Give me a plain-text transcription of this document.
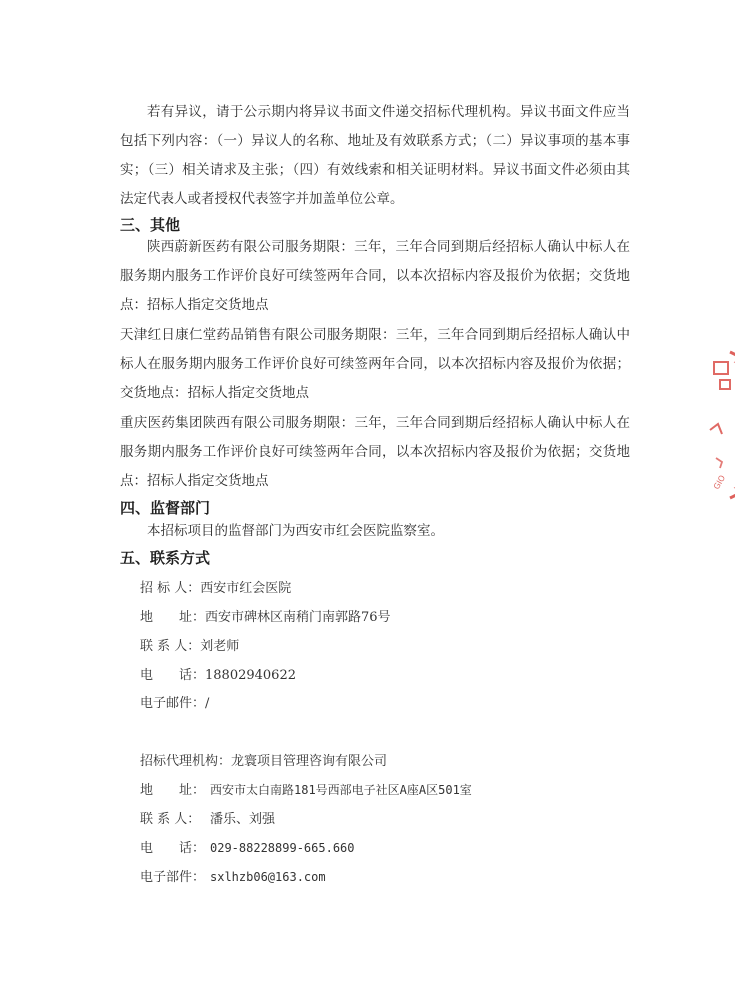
若有异议，请于公示期内将异议书面文件递交招标代理机构。异议书面文件应当包括下列内容：（一）异议人的名称、地址及有效联系方式；（二）异议事项的基本事实；（三）相关请求及主张；（四）有效线索和相关证明材料。异议书面文件必须由其法定代表人或者授权代表签字并加盖单位公章。

三、其他

陕西蔚新医药有限公司服务期限：三年，三年合同到期后经招标人确认中标人在服务期内服务工作评价良好可续签两年合同，以本次招标内容及报价为依据；交货地点：招标人指定交货地点

天津红日康仁堂药品销售有限公司服务期限：三年，三年合同到期后经招标人确认中标人在服务期内服务工作评价良好可续签两年合同，以本次招标内容及报价为依据；交货地点：招标人指定交货地点

重庆医药集团陕西有限公司服务期限：三年，三年合同到期后经招标人确认中标人在服务期内服务工作评价良好可续签两年合同，以本次招标内容及报价为依据；交货地点：招标人指定交货地点

四、监督部门

本招标项目的监督部门为西安市红会医院监察室。

五、联系方式

招 标 人：西安市红会医院

地　　址：西安市碑林区南稍门南郭路76号

联 系 人：刘老师

电　　话：18802940622

电子邮件：/

招标代理机构：龙寰项目管理咨询有限公司

地　　址： 西安市太白南路181号西部电子社区A座A区501室

联 系 人： 潘乐、刘强

电　　话： 029-88228899-665.660

电子部件： sxlhzb06@163.com

GIO
